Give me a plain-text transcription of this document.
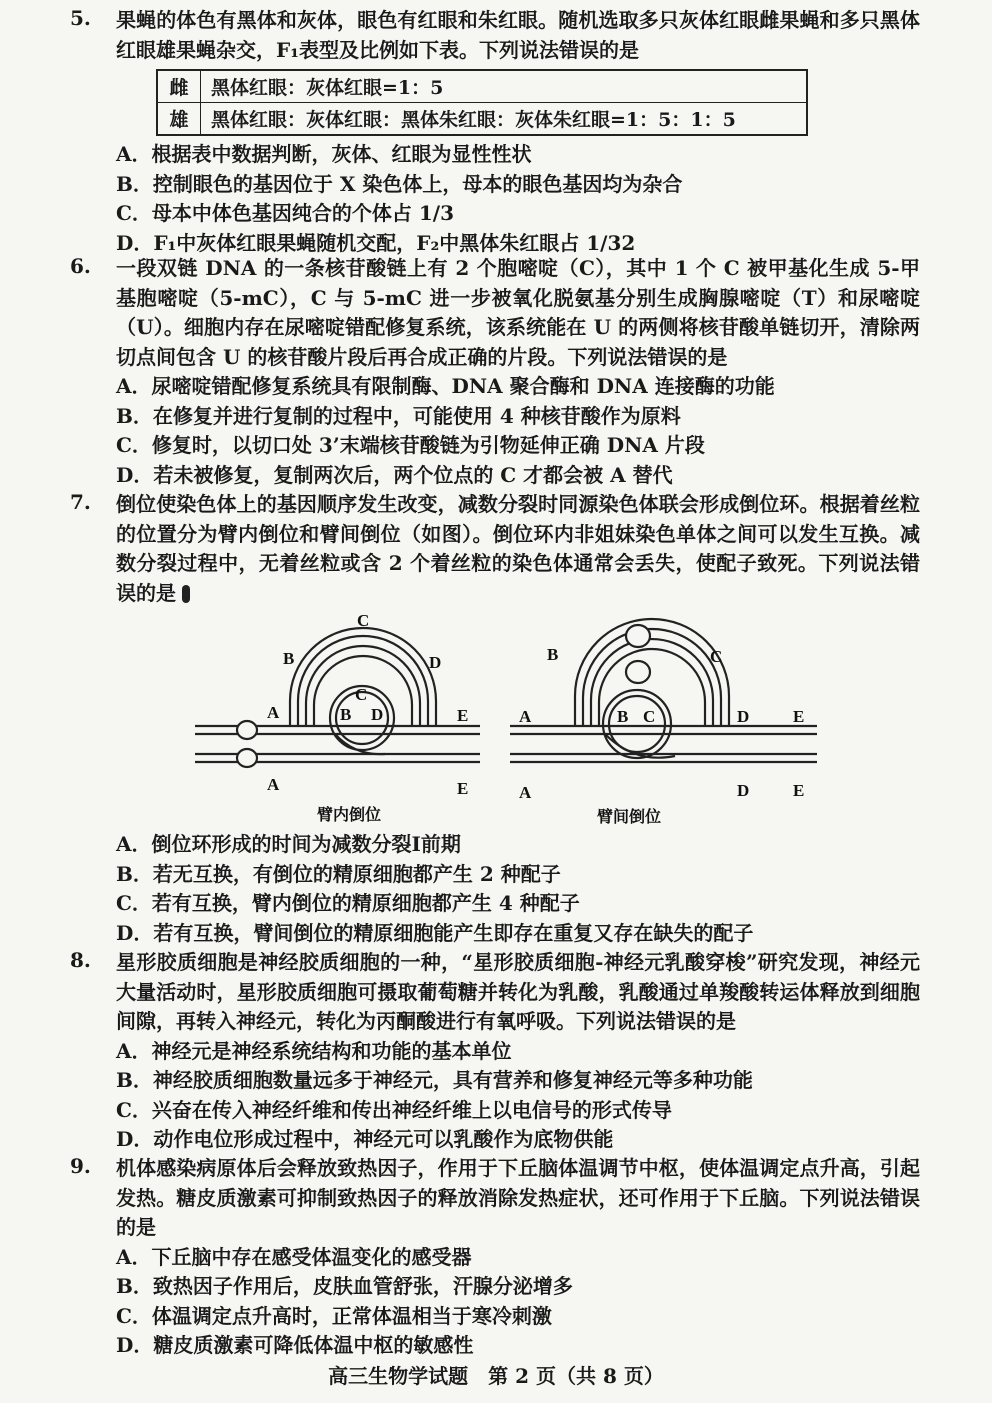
5. 果蝇的体色有黑体和灰体，眼色有红眼和朱红眼。随机选取多只灰体红眼雌果蝇和多只黑体红眼雄果蝇杂交，F₁表型及比例如下表。下列说法错误的是
雌	黑体红眼：灰体红眼=1：5
雄	黑体红眼：灰体红眼：黑体朱红眼：灰体朱红眼=1：5：1：5
A．根据表中数据判断，灰体、红眼为显性性状
B．控制眼色的基因位于 X 染色体上，母本的眼色基因均为杂合
C．母本中体色基因纯合的个体占 1/3
D．F₁中灰体红眼果蝇随机交配，F₂中黑体朱红眼占 1/32
6. 一段双链 DNA 的一条核苷酸链上有 2 个胞嘧啶（C），其中 1 个 C 被甲基化生成 5-甲基胞嘧啶（5-mC），C 与 5-mC 进一步被氧化脱氨基分别生成胸腺嘧啶（T）和尿嘧啶（U）。细胞内存在尿嘧啶错配修复系统，该系统能在 U 的两侧将核苷酸单链切开，清除两切点间包含 U 的核苷酸片段后再合成正确的片段。下列说法错误的是
A．尿嘧啶错配修复系统具有限制酶、DNA 聚合酶和 DNA 连接酶的功能
B．在修复并进行复制的过程中，可能使用 4 种核苷酸作为原料
C．修复时，以切口处 3’末端核苷酸链为引物延伸正确 DNA 片段
D．若未被修复，复制两次后，两个位点的 C 才都会被 A 替代
7. 倒位使染色体上的基因顺序发生改变，减数分裂时同源染色体联会形成倒位环。根据着丝粒的位置分为臂内倒位和臂间倒位（如图）。倒位环内非姐妹染色单体之间可以发生互换。减数分裂过程中，无着丝粒或含 2 个着丝粒的染色体通常会丢失，使配子致死。下列说法错误的是
C
B	D
C
B D
A	E
A	E
B	C
A	B C	D	E
A	D	E
臂内倒位	臂间倒位
A．倒位环形成的时间为减数分裂Ⅰ前期
B．若无互换，有倒位的精原细胞都产生 2 种配子
C．若有互换，臂内倒位的精原细胞都产生 4 种配子
D．若有互换，臂间倒位的精原细胞能产生即存在重复又存在缺失的配子
8. 星形胶质细胞是神经胶质细胞的一种，“星形胶质细胞-神经元乳酸穿梭”研究发现，神经元大量活动时，星形胶质细胞可摄取葡萄糖并转化为乳酸，乳酸通过单羧酸转运体释放到细胞间隙，再转入神经元，转化为丙酮酸进行有氧呼吸。下列说法错误的是
A．神经元是神经系统结构和功能的基本单位
B．神经胶质细胞数量远多于神经元，具有营养和修复神经元等多种功能
C．兴奋在传入神经纤维和传出神经纤维上以电信号的形式传导
D．动作电位形成过程中，神经元可以乳酸作为底物供能
9. 机体感染病原体后会释放致热因子，作用于下丘脑体温调节中枢，使体温调定点升高，引起发热。糖皮质激素可抑制致热因子的释放消除发热症状，还可作用于下丘脑。下列说法错误的是
A．下丘脑中存在感受体温变化的感受器
B．致热因子作用后，皮肤血管舒张，汗腺分泌增多
C．体温调定点升高时，正常体温相当于寒冷刺激
D．糖皮质激素可降低体温中枢的敏感性
高三生物学试题　第 2 页（共 8 页）
